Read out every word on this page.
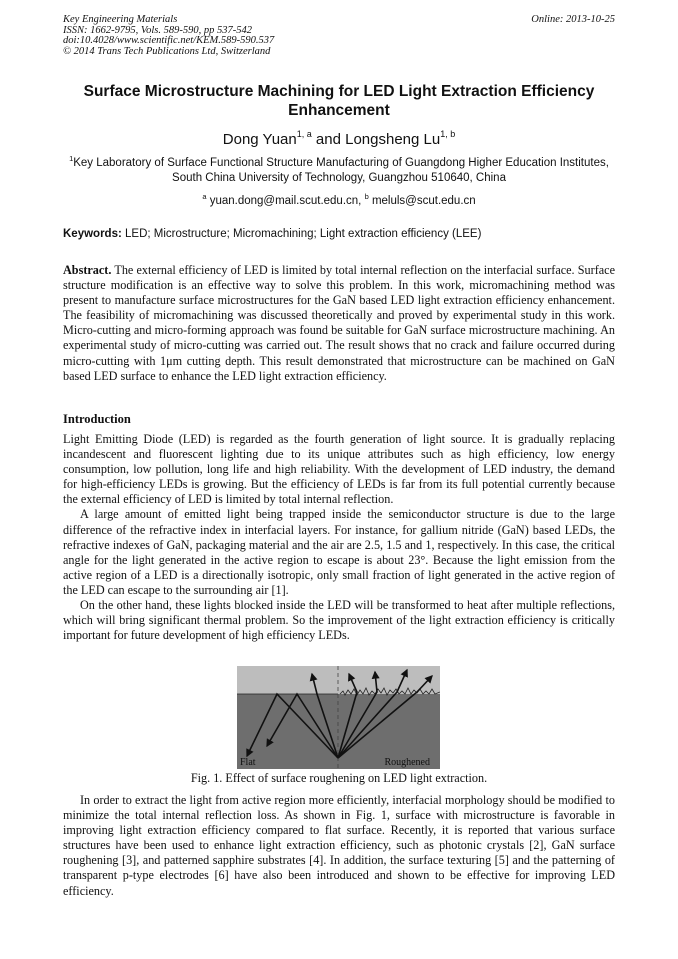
Key Engineering Materials
ISSN: 1662-9795, Vols. 589-590, pp 537-542
doi:10.4028/www.scientific.net/KEM.589-590.537
© 2014 Trans Tech Publications Ltd, Switzerland
Online: 2013-10-25
Surface Microstructure Machining for LED Light Extraction Efficiency Enhancement
Dong Yuan$^{1, a}$ and Longsheng Lu$^{1, b}$
$^1$Key Laboratory of Surface Functional Structure Manufacturing of Guangdong Higher Education Institutes, South China University of Technology, Guangzhou 510640, China
$^a$ yuan.dong@mail.scut.edu.cn, $^b$ meluls@scut.edu.cn
Keywords: LED; Microstructure; Micromachining; Light extraction efficiency (LEE)

Abstract. The external efficiency of LED is limited by total internal reflection on the interfacial surface. Surface structure modification is an effective way to solve this problem. In this work, micromachining method was present to manufacture surface microstructures for the GaN based LED light extraction efficiency enhancement. The feasibility of micromachining was discussed theoretically and proved by experimental study in this work. Micro-cutting and micro-forming approach was found be suitable for GaN surface microstructure machining. An experimental study of micro-cutting was carried out. The result shows that no crack and failure occurred during micro-cutting with 1μm cutting depth. This result demonstrated that microstructure can be machined on GaN based LED surface to enhance the LED light extraction efficiency.

Introduction

Light Emitting Diode (LED) is regarded as the fourth generation of light source. It is gradually replacing incandescent and fluorescent lighting due to its unique attributes such as high efficiency, low energy consumption, low pollution, long life and high reliability. With the development of LED industry, the demand for high-efficiency LEDs is growing. But the efficiency of LEDs is far from its full potential currently because the external efficiency of LED is limited by total internal reflection.

A large amount of emitted light being trapped inside the semiconductor structure is due to the large difference of the refractive index in interfacial layers. For instance, for gallium nitride (GaN) based LEDs, the refractive indexes of GaN, packaging material and the air are 2.5, 1.5 and 1, respectively. In this case, the critical angle for the light generated in the active region to escape is about 23°. Because the light emission from the active region of a LED is a directionally isotropic, only small fraction of light generated in the active region of the LED can escape to the surrounding air [1].

On the other hand, these lights blocked inside the LED will be transformed to heat after multiple reflections, which will bring significant thermal problem. So the improvement of the light extraction efficiency is critically important for future development of high efficiency LEDs.

Flat	Roughened
Fig. 1. Effect of surface roughening on LED light extraction.

In order to extract the light from active region more efficiently, interfacial morphology should be modified to minimize the total internal reflection loss. As shown in Fig. 1, surface with microstructure is favorable in improving light extraction efficiency compared to flat surface. Recently, it is reported that various surface structures have been used to enhance light extraction efficiency, such as photonic crystals [2], GaN surface roughening [3], and patterned sapphire substrates [4]. In addition, the surface texturing [5] and the patterning of transparent p-type electrodes [6] have also been introduced and shown to be effective for improving LED efficiency.
